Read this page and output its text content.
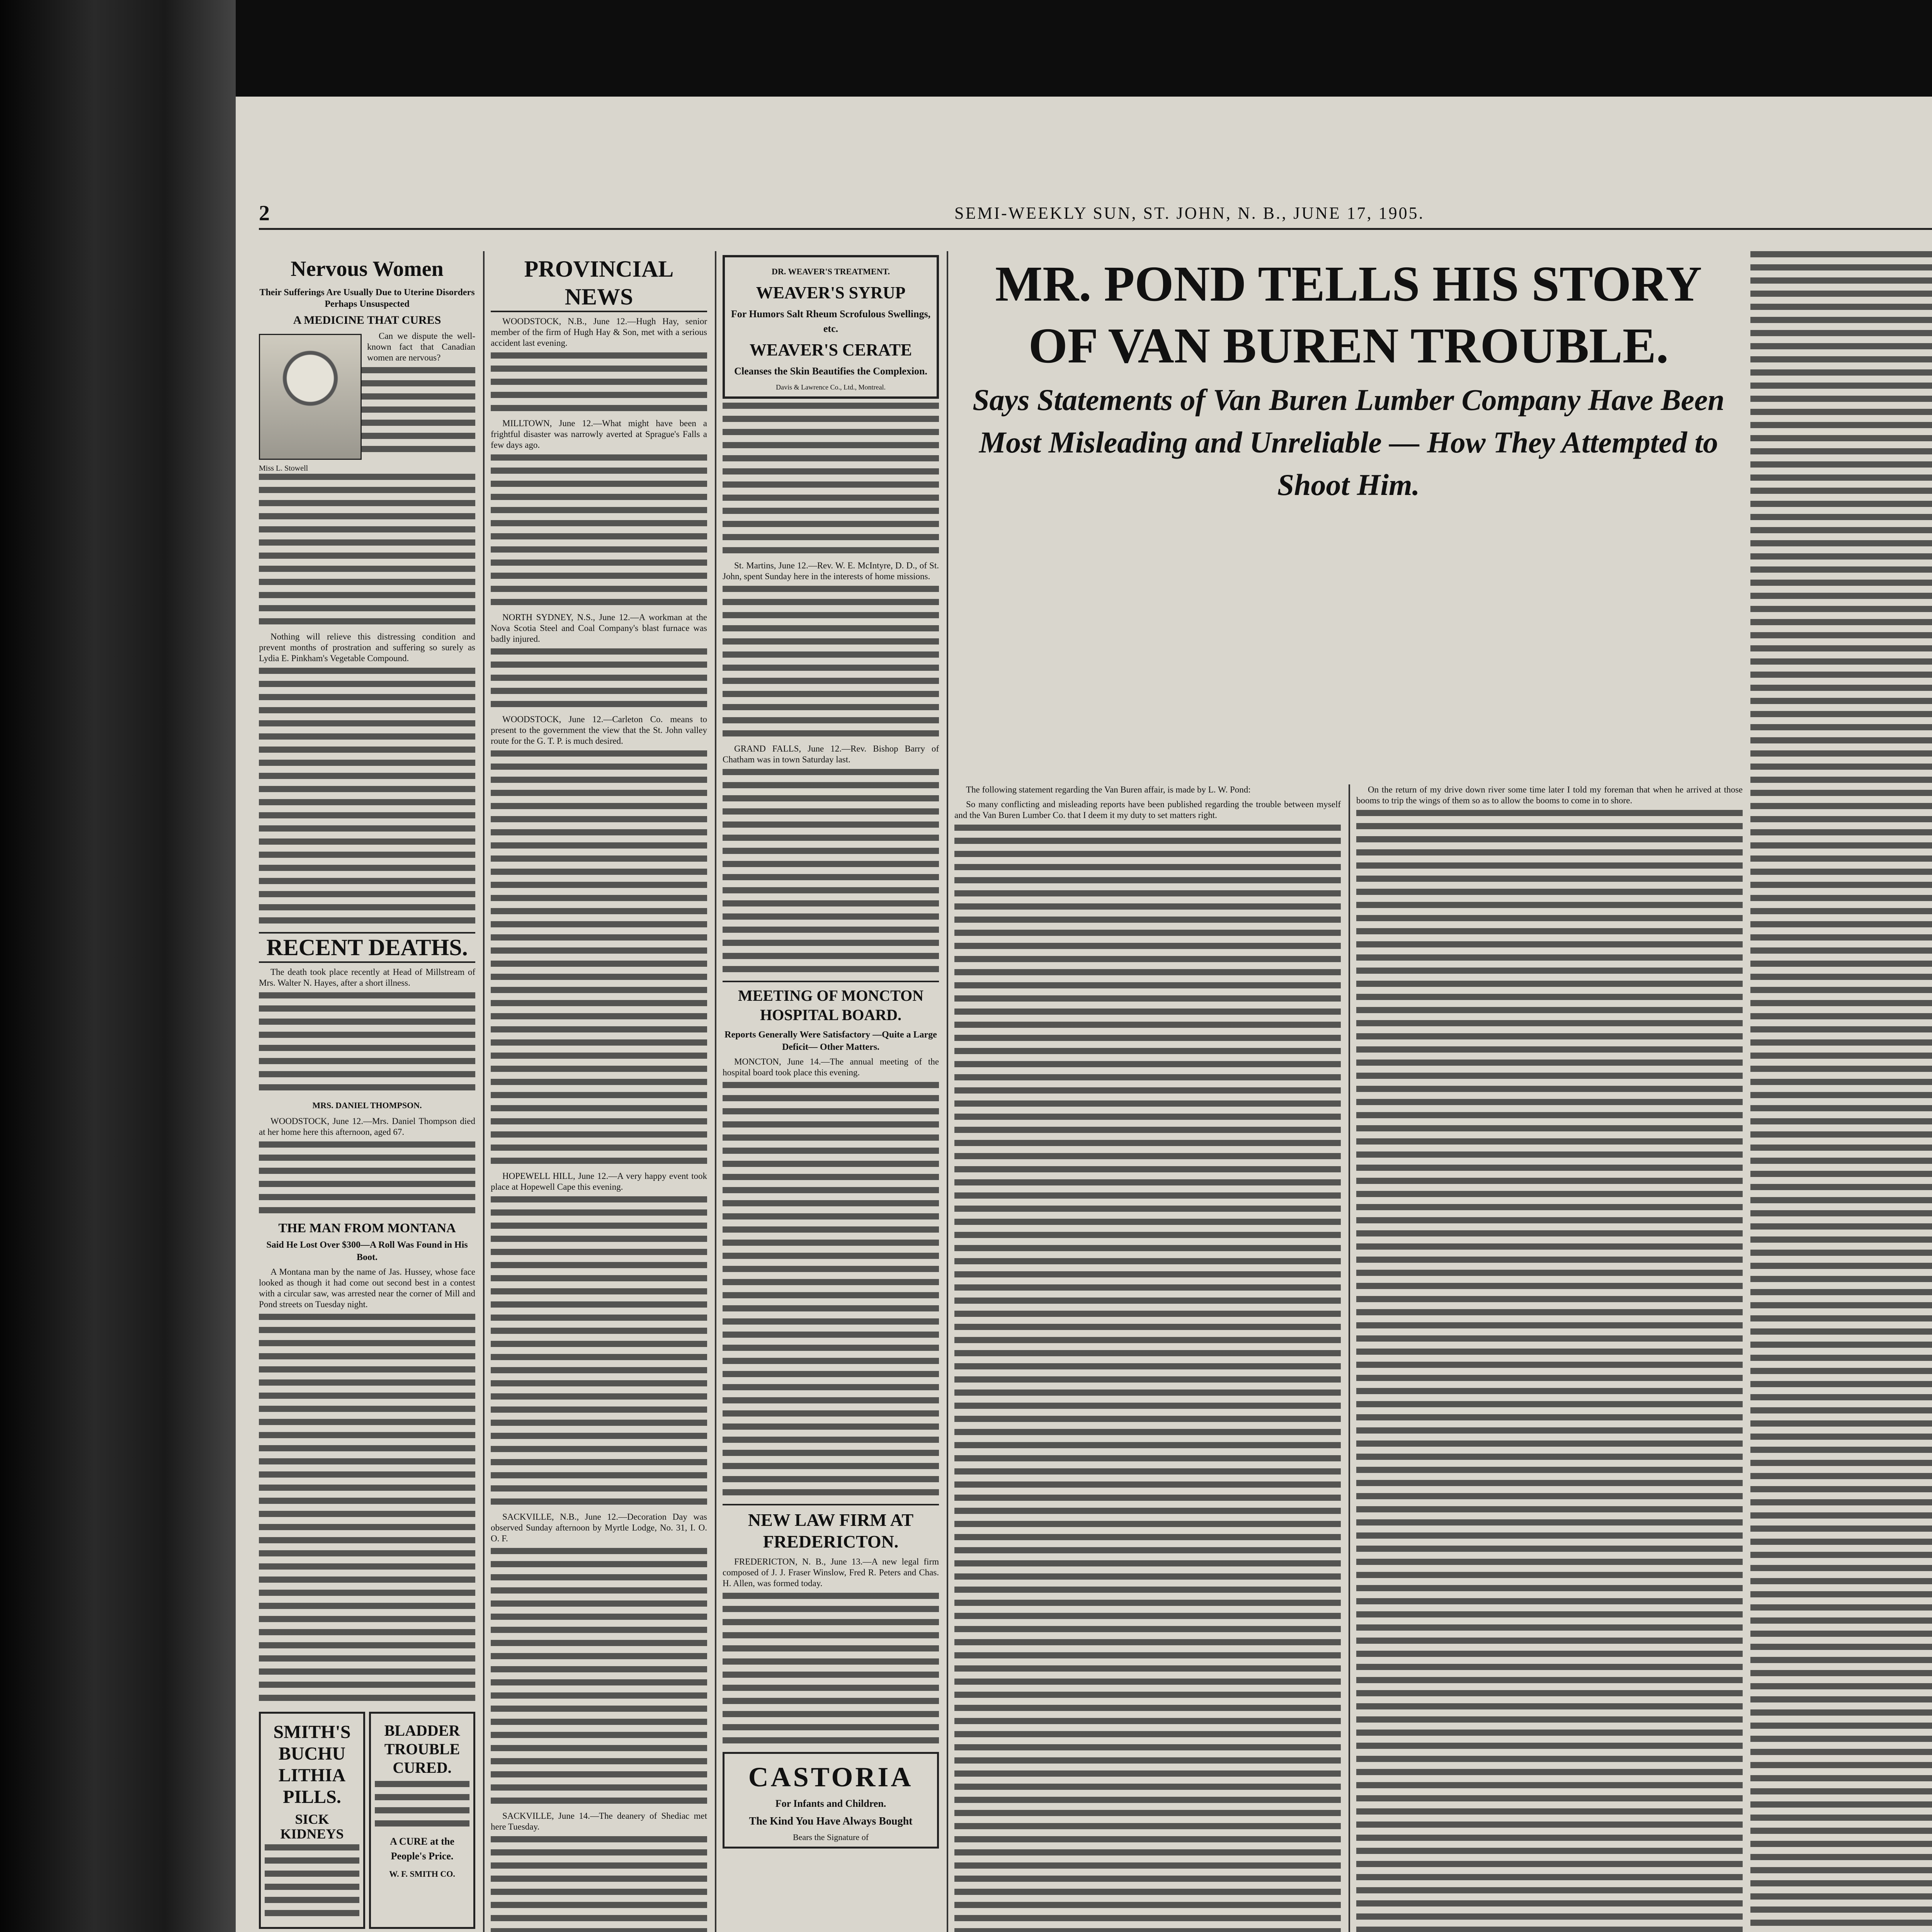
2	SEMI-WEEKLY SUN, ST. JOHN, N. B., JUNE 17, 1905.
Nervous Women
Their Sufferings Are Usually Due to Uterine Disorders Perhaps Unsuspected
A MEDICINE THAT CURES

Can we dispute the well-known fact that Canadian women are nervous?

Miss L. Stowell

Nothing will relieve this distressing condition and prevent months of prostration and suffering so surely as Lydia E. Pinkham's Vegetable Compound.

RECENT DEATHS.

The death took place recently at Head of Millstream of Mrs. Walter N. Hayes, after a short illness.

MRS. DANIEL THOMPSON.

WOODSTOCK, June 12.—Mrs. Daniel Thompson died at her home here this afternoon, aged 67.

THE MAN FROM MONTANA
Said He Lost Over $300—A Roll Was Found in His Boot.

A Montana man by the name of Jas. Hussey, whose face looked as though it had come out second best in a contest with a circular saw, was arrested near the corner of Mill and Pond streets on Tuesday night.

SMITH'S BUCHU LITHIA PILLS.
SICK KIDNEYS
BLADDER TROUBLE CURED.
A CURE at the People's Price.
W. F. SMITH CO.
PROVINCIAL NEWS

WOODSTOCK, N.B., June 12.—Hugh Hay, senior member of the firm of Hugh Hay & Son, met with a serious accident last evening.

MILLTOWN, June 12.—What might have been a frightful disaster was narrowly averted at Sprague's Falls a few days ago.

NORTH SYDNEY, N.S., June 12.—A workman at the Nova Scotia Steel and Coal Company's blast furnace was badly injured.

WOODSTOCK, June 12.—Carleton Co. means to present to the government the view that the St. John valley route for the G. T. P. is much desired.

HOPEWELL HILL, June 12.—A very happy event took place at Hopewell Cape this evening.

SACKVILLE, N.B., June 12.—Decoration Day was observed Sunday afternoon by Myrtle Lodge, No. 31, I. O. O. F.

SACKVILLE, June 14.—The deanery of Shediac met here Tuesday.

DR. WEAVER'S TREATMENT.
WEAVER'S SYRUP
For Humors Salt Rheum Scrofulous Swellings, etc.
WEAVER'S CERATE
Cleanses the Skin Beautifies the Complexion.
Davis & Lawrence Co., Ltd., Montreal.

St. Martins, June 12.—Rev. W. E. McIntyre, D. D., of St. John, spent Sunday here in the interests of home missions.

GRAND FALLS, June 12.—Rev. Bishop Barry of Chatham was in town Saturday last.

MEETING OF MONCTON HOSPITAL BOARD.
Reports Generally Were Satisfactory —Quite a Large Deficit— Other Matters.

MONCTON, June 14.—The annual meeting of the hospital board took place this evening.

NEW LAW FIRM AT FREDERICTON.

FREDERICTON, N. B., June 13.—A new legal firm composed of J. J. Fraser Winslow, Fred R. Peters and Chas. H. Allen, was formed today.

CASTORIA
For Infants and Children.
The Kind You Have Always Bought
Bears the Signature of
MR. POND TELLS HIS STORY
OF VAN BUREN TROUBLE.
Says Statements of Van Buren Lumber Company Have Been Most Misleading and Unreliable — How They Attempted to Shoot Him.

The following statement regarding the Van Buren affair, is made by L. W. Pond:

So many conflicting and misleading reports have been published regarding the trouble between myself and the Van Buren Lumber Co. that I deem it my duty to set matters right.

On the return of my drive down river some time later I told my foreman that when he arrived at those booms to trip the wings of them so as to allow the booms to come in to shore.
